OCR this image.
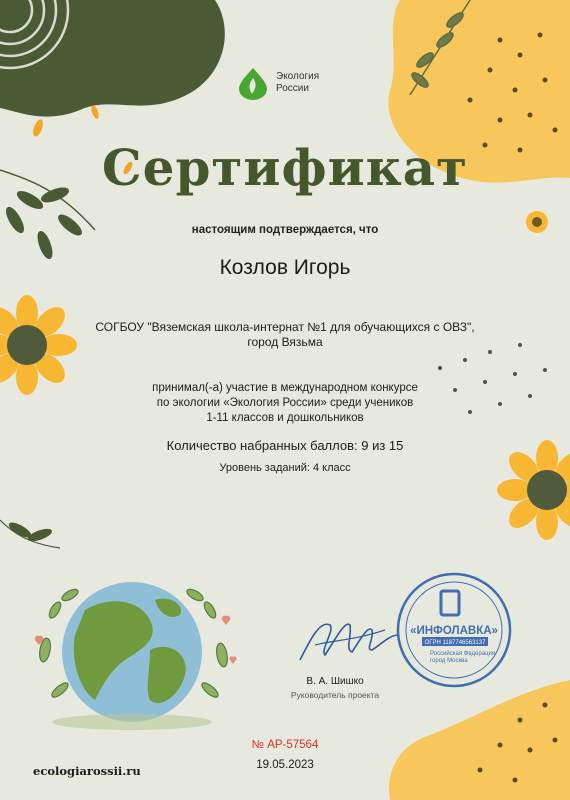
Экология
России
Сертификат
настоящим подтверждается, что
Козлов Игорь
СОГБОУ "Вяземская школа-интернат №1 для обучающихся с ОВЗ",
город Вязьма
принимал(-а) участие в международном конкурсе
по экологии «Экология России» среди учеников
1-11 классов и дошкольников
Количество набранных баллов: 9 из 15
Уровень заданий: 4 класс
В. А. Шишко
Руководитель проекта
«ИНФОЛАВКА»
ОГРН 1187746563137
Российская Федерация
город Москва
№ АР-57564
19.05.2023
ecologiarossii.ru
